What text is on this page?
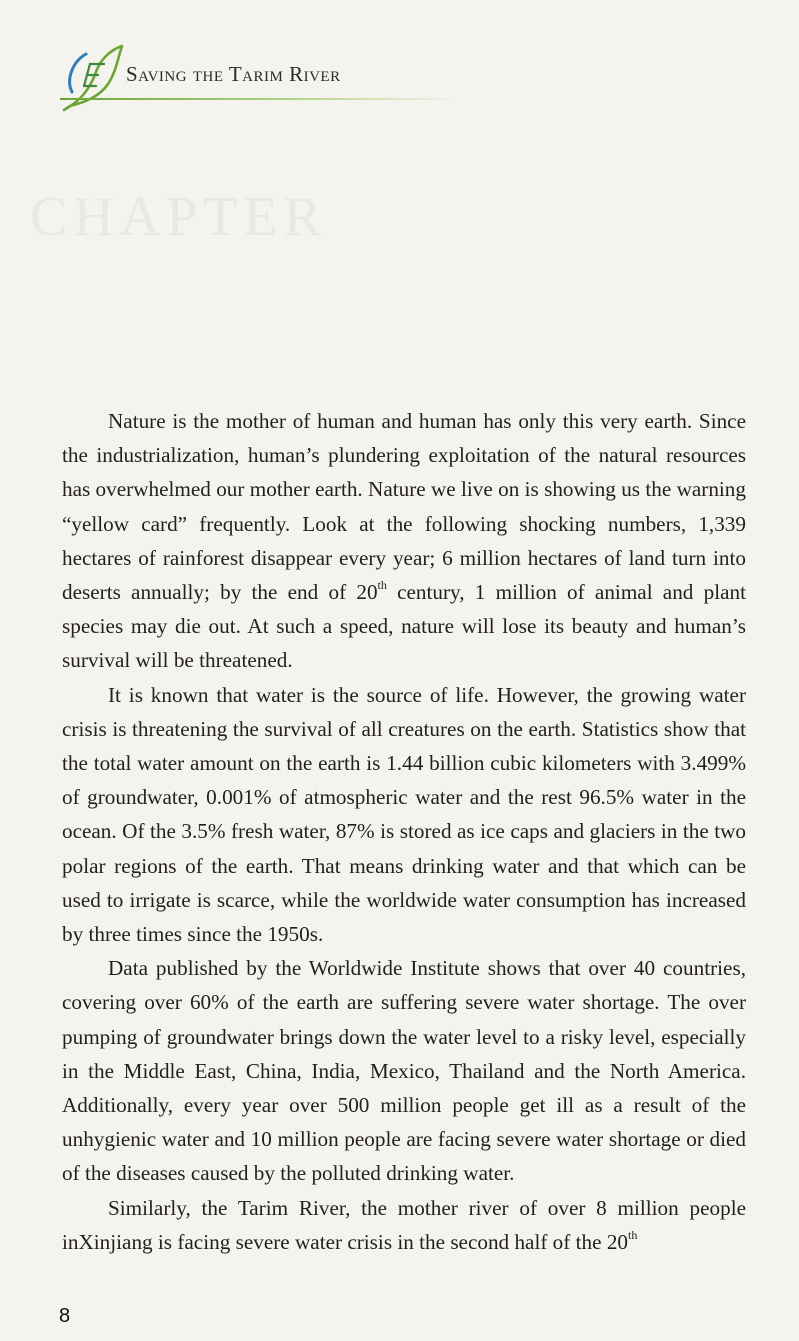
Saving the Tarim River
CHAPTER

Nature is the mother of human and human has only this very earth. Since the industrialization, human’s plundering exploitation of the natural resources has overwhelmed our mother earth. Nature we live on is showing us the warning “yellow card” frequently. Look at the following shocking numbers, 1,339 hectares of rainforest disappear every year; 6 million hectares of land turn into deserts annually; by the end of 20th century, 1 million of animal and plant species may die out. At such a speed, nature will lose its beauty and human’s survival will be threatened.

It is known that water is the source of life. However, the growing water crisis is threatening the survival of all creatures on the earth. Statistics show that the total water amount on the earth is 1.44 billion cubic kilometers with 3.499% of groundwater, 0.001% of atmospheric water and the rest 96.5% water in the ocean. Of the 3.5% fresh water, 87% is stored as ice caps and glaciers in the two polar regions of the earth. That means drinking water and that which can be used to irrigate is scarce, while the worldwide water consumption has increased by three times since the 1950s.

Data published by the Worldwide Institute shows that over 40 countries, covering over 60% of the earth are suffering severe water shortage. The over pumping of groundwater brings down the water level to a risky level, especially in the Middle East, China, India, Mexico, Thailand and the North America. Additionally, every year over 500 million people get ill as a result of the unhygienic water and 10 million people are facing severe water shortage or died of the diseases caused by the polluted drinking water.

Similarly, the Tarim River, the mother river of over 8 million people inXinjiang is facing severe water crisis in the second half of the 20th

8
